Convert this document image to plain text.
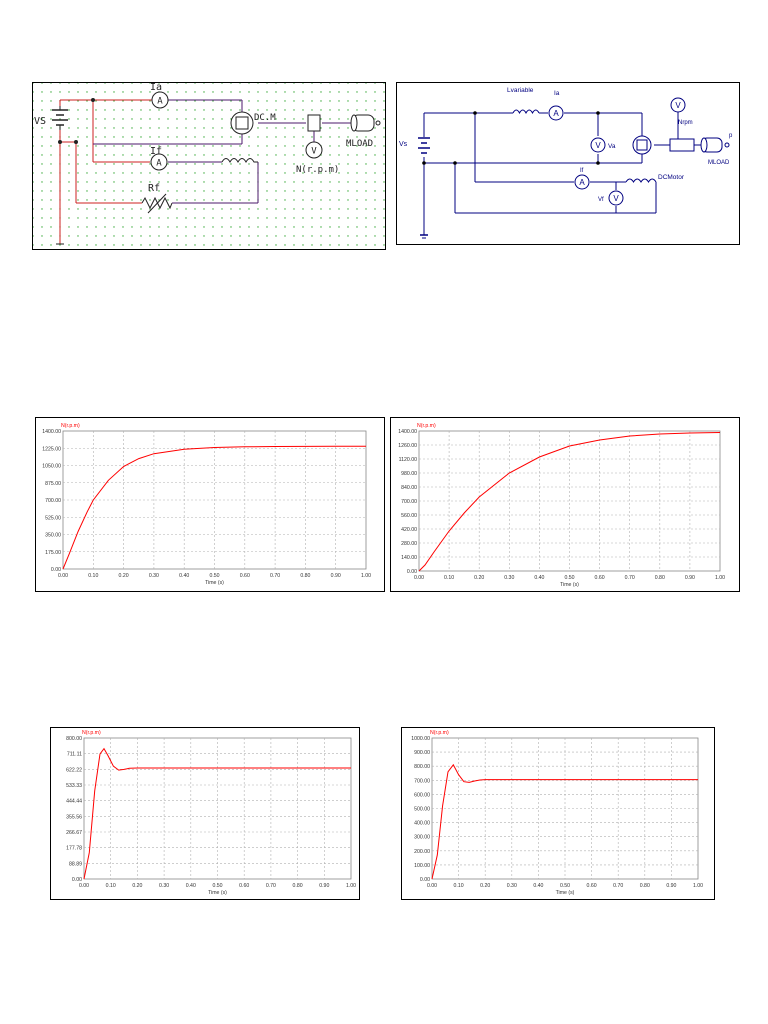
VS
A
Ia
A
If
Rf
DC.M
V
N(r.p.m)
MLOAD	Vs
Lvariable
A
Ia
V Va
A
If
DCMotor
V
Vf
V
Nrpm
p
MLOAD
0.00	0.10	0.20	0.30	0.40	0.50	0.60	0.70	0.80	0.90	1.00
0.00
175.00
350.00
525.00
700.00
875.00
1050.00
1225.00
1400.00
N(r.p.m)
Time (s)
0.00	0.10	0.20	0.30	0.40	0.50	0.60	0.70	0.80	0.90	1.00
0.00
140.00
280.00
420.00
560.00
700.00
840.00
980.00
1120.00
1260.00
1400.00
N(r.p.m)
Time (s)
0.00	0.10	0.20	0.30	0.40	0.50	0.60	0.70	0.80	0.90	1.00
0.00
88.89
177.78
266.67
355.56
444.44
533.33
622.22
711.11
800.00
N(r.p.m)
Time (s)
0.00	0.10	0.20	0.30	0.40	0.50	0.60	0.70	0.80	0.90	1.00
0.00
100.00
200.00
300.00
400.00
500.00
600.00
700.00
800.00
900.00
1000.00
N(r.p.m)
Time (s)
